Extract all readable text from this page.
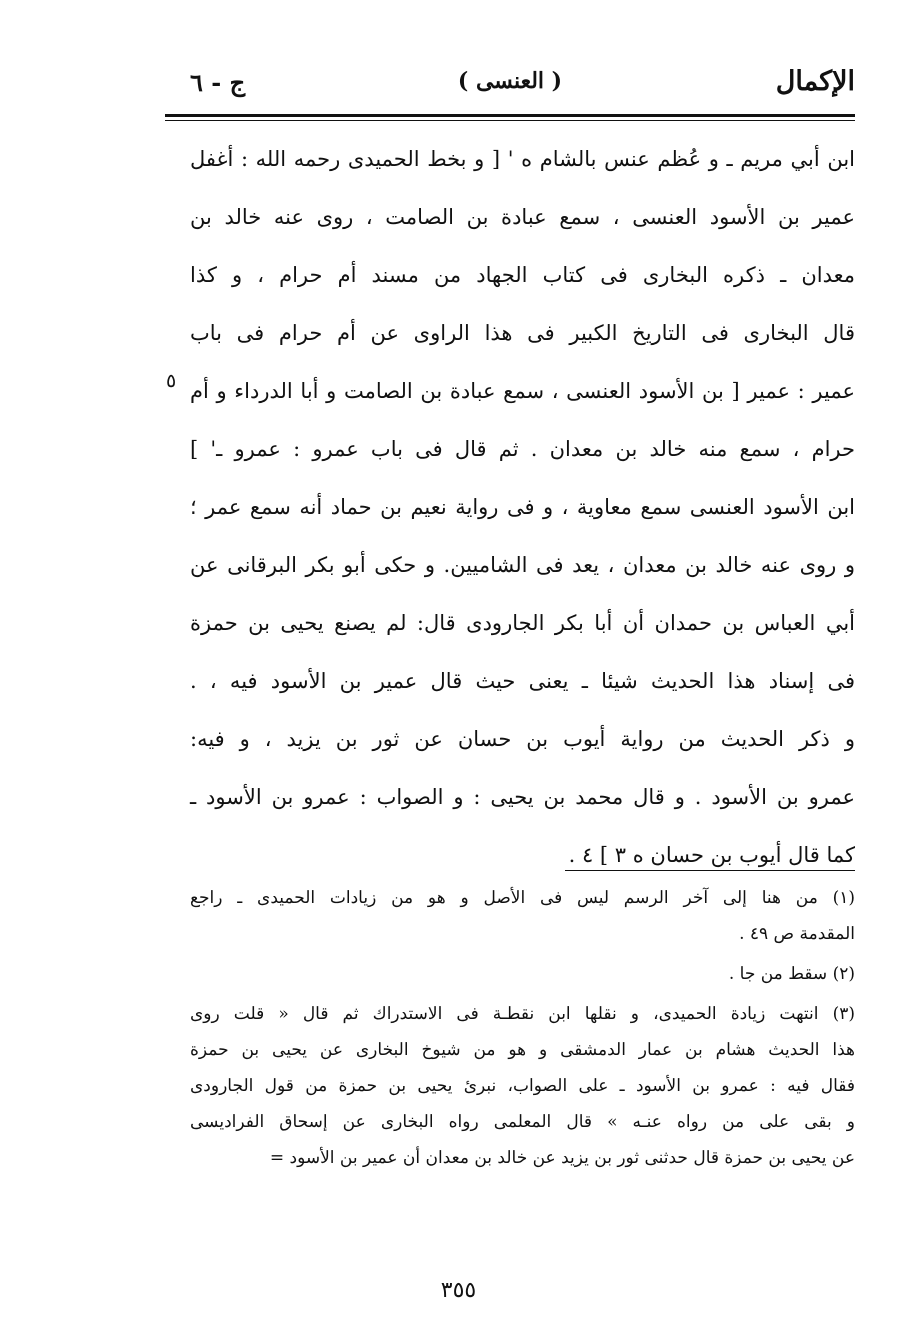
الإكمال
( العنسى )
ج - ٦
ابن أبي مريم ـ و عُظم عنس بالشام ه ' [ و بخط الحميدى رحمه الله : أغفل
عمير بن الأسود العنسى ، سمع عبادة بن الصامت ، روى عنه خالد بن
معدان ـ ذكره البخارى فى كتاب الجهاد من مسند أم حرام ، و كذا
قال البخارى فى التاريخ الكبير فى هذا الراوى عن أم حرام فى باب
عمير : عمير [ بن الأسود العنسى ، سمع عبادة بن الصامت و أبا الدرداء و أم
حرام ، سمع منه خالد بن معدان . ثم قال فى باب عمرو : عمرو ـ' ]
ابن الأسود العنسى سمع معاوية ، و فى رواية نعيم بن حماد أنه سمع عمر ؛
و روى عنه خالد بن معدان ، يعد فى الشاميين. و حكى أبو بكر البرقانى عن
أبي العباس بن حمدان أن أبا بكر الجارودى قال: لم يصنع يحيى بن حمزة
فى إسناد هذا الحديث شيئا ـ يعنى حيث قال عمير بن الأسود فيه ، .
و ذكر الحديث من رواية أيوب بن حسان عن ثور بن يزيد ، و فيه:
عمرو بن الأسود . و قال محمد بن يحيى : و الصواب : عمرو بن الأسود ـ
كما قال أيوب بن حسان ه ٣ ] ٤ .
٥
(١) من هنا إلى آخر الرسم ليس فى الأصل و هو من زيادات الحميدى ـ راجع
المقدمة ص ٤٩ .
(٢) سقط من جا .
(٣) انتهت زيادة الحميدى، و نقلها ابن نقطـة فى الاستدراك ثم قال « قلت روى
هذا الحديث هشام بن عمار الدمشقى و هو من شيوخ البخارى عن يحيى بن حمزة
فقال فيه : عمرو بن الأسود ـ على الصواب، نبرئ يحيى بن حمزة من قول الجارودى
و بقى على من رواه عنـه » قال المعلمى رواه البخارى عن إسحاق الفراديسى
عن يحيى بن حمزة قال حدثنى ثور بن يزيد عن خالد بن معدان أن عمير بن الأسود =
٣٥٥
